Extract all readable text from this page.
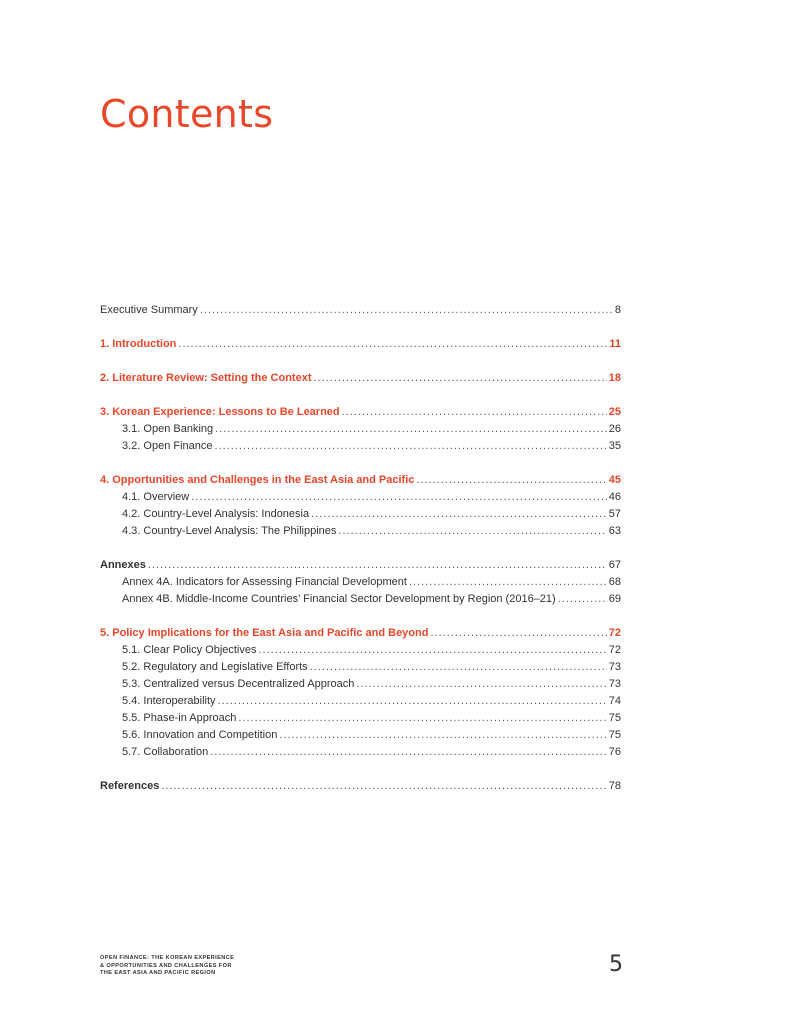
Contents
Executive Summary .....	8
1. Introduction .....	11
2. Literature Review: Setting the Context .....	18
3. Korean Experience: Lessons to Be Learned .....	25
3.1. Open Banking .....	26
3.2. Open Finance .....	35
4. Opportunities and Challenges in the East Asia and Pacific .....	45
4.1. Overview .....	46
4.2. Country-Level Analysis: Indonesia .....	57
4.3. Country-Level Analysis: The Philippines .....	63
Annexes .....	67
Annex 4A. Indicators for Assessing Financial Development .....	68
Annex 4B. Middle-Income Countries’ Financial Sector Development by Region (2016–21) .....	69
5. Policy Implications for the East Asia and Pacific and Beyond .....	72
5.1. Clear Policy Objectives .....	72
5.2. Regulatory and Legislative Efforts .....	73
5.3. Centralized versus Decentralized Approach .....	73
5.4. Interoperability .....	74
5.5. Phase-in Approach .....	75
5.6. Innovation and Competition .....	75
5.7. Collaboration .....	76
References .....	78
OPEN FINANCE: THE KOREAN EXPERIENCE
& OPPORTUNITIES AND CHALLENGES FOR
THE EAST ASIA AND PACIFIC REGION	5
